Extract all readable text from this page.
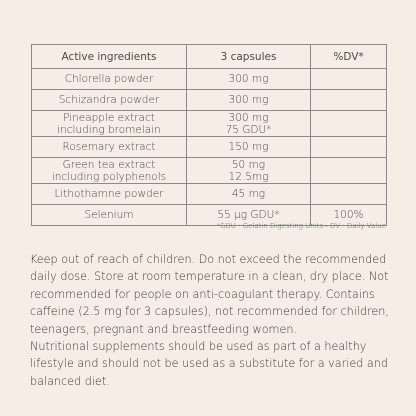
Active ingredients	3 capsules	%DV*
Chlorella powder	300 mg	
Schizandra powder	300 mg	

Pineapple extract
including bromelain	300 mg
75 GDU*	

Rosemary extract	150 mg	

Green tea extract
including polyphenols	50 mg
12.5mg	

Lithothamne powder	45 mg	
Selenium	55 µg GDU*	100%
*GDU : Gelatin Digesting Units - DV : Daily Value

Keep out of reach of children. Do not exceed the recommended daily dose. Store at room temperature in a clean, dry place. Not recommended for people on anti-coagulant therapy. Contains caffeine (2.5 mg for 3 capsules), not recommended for children, teenagers, pregnant and breastfeeding women.

Nutritional supplements should be used as part of a healthy lifestyle and should not be used as a substitute for a varied and balanced diet.
